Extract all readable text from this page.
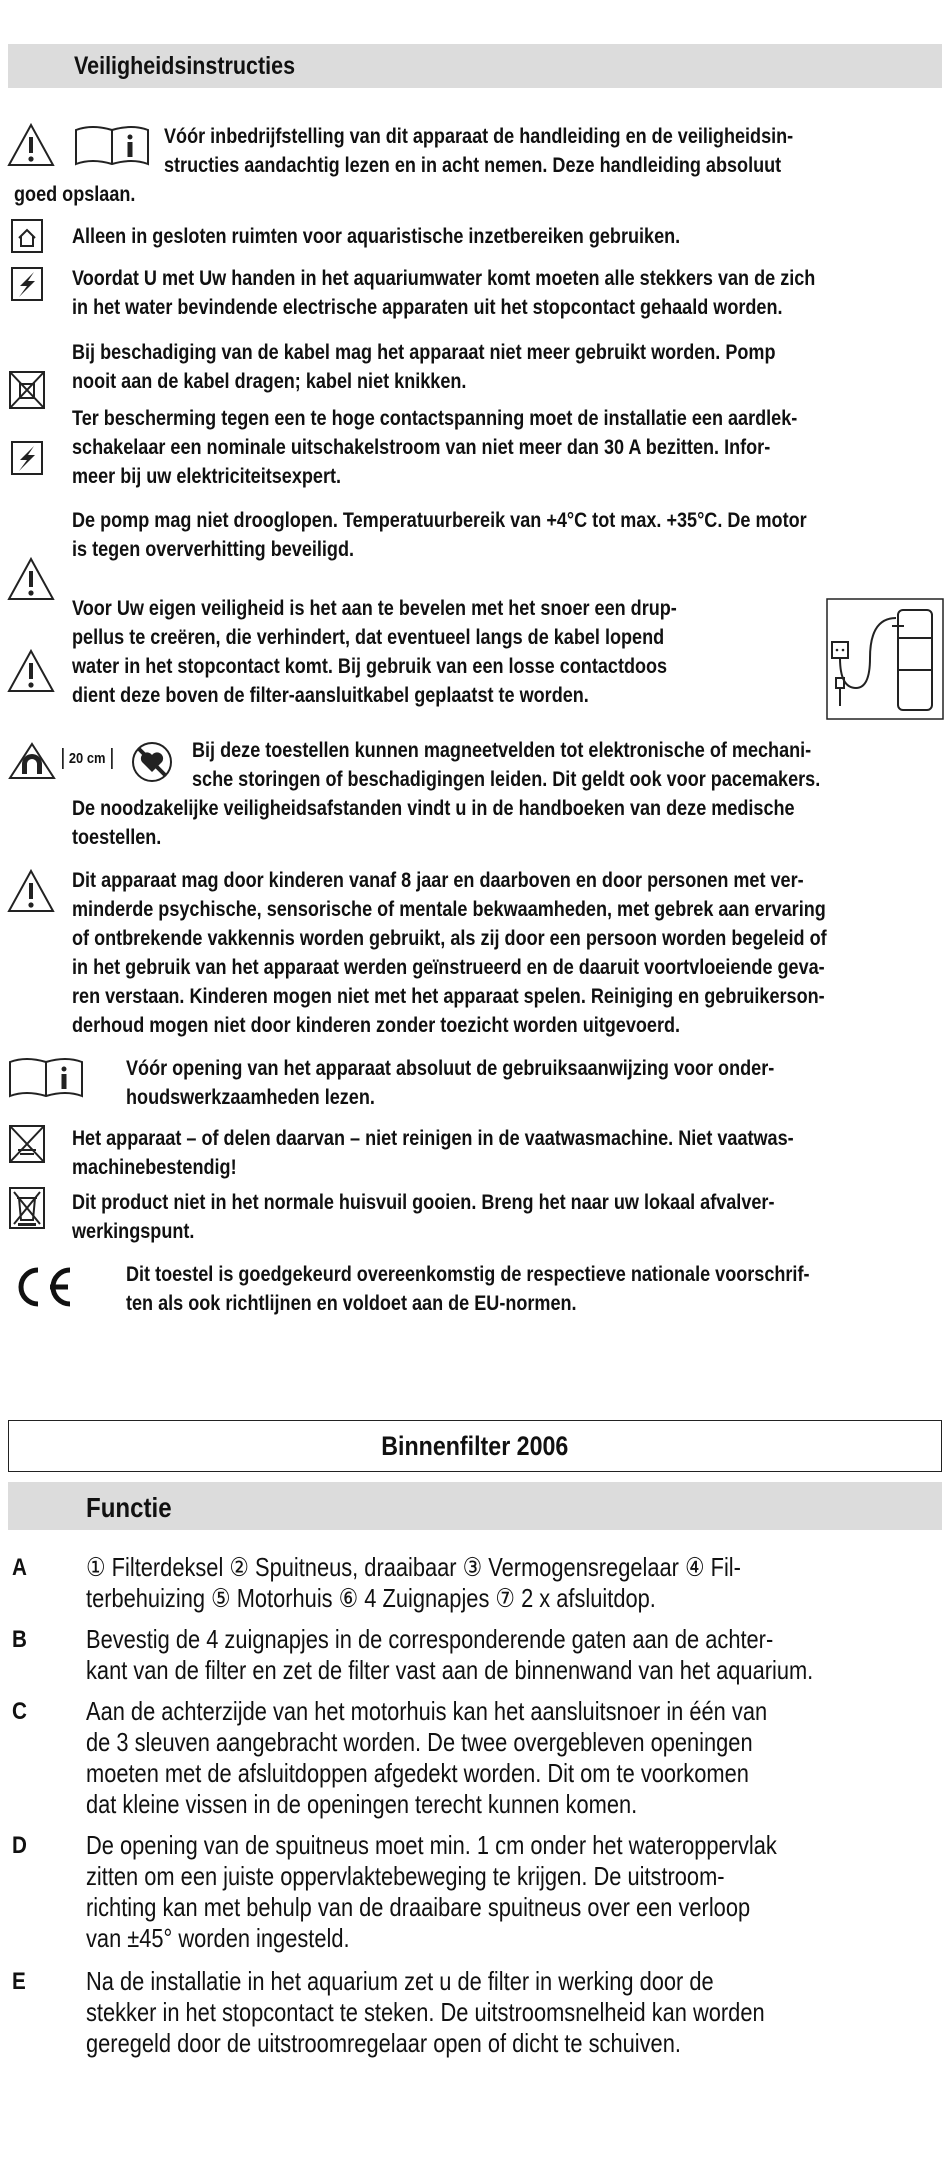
Veiligheidsinstructies
20 cm
Vóór inbedrijfstelling van dit apparaat de handleiding en de veiligheidsin-
structies aandachtig lezen en in acht nemen. Deze handleiding absoluut
goed opslaan.
Alleen in gesloten ruimten voor aquaristische inzetbereiken gebruiken.
Voordat U met Uw handen in het aquariumwater komt moeten alle stekkers van de zich
in het water bevindende electrische apparaten uit het stopcontact gehaald worden.
Bij beschadiging van de kabel mag het apparaat niet meer gebruikt worden. Pomp
nooit aan de kabel dragen; kabel niet knikken.
Ter bescherming tegen een te hoge contactspanning moet de installatie een aardlek-
schakelaar een nominale uitschakelstroom van niet meer dan 30 A bezitten. Infor-
meer bij uw elektriciteitsexpert.
De pomp mag niet drooglopen. Temperatuurbereik van +4°C tot max. +35°C. De motor
is tegen oververhitting beveiligd.
Voor Uw eigen veiligheid is het aan te bevelen met het snoer een drup-
pellus te creëren, die verhindert, dat eventueel langs de kabel lopend
water in het stopcontact komt. Bij gebruik van een losse contactdoos
dient deze boven de filter-aansluitkabel geplaatst te worden.
Bij deze toestellen kunnen magneetvelden tot elektronische of mechani-
sche storingen of beschadigingen leiden. Dit geldt ook voor pacemakers.
De noodzakelijke veiligheidsafstanden vindt u in de handboeken van deze medische
toestellen.
Dit apparaat mag door kinderen vanaf 8 jaar en daarboven en door personen met ver-
minderde psychische, sensorische of mentale bekwaamheden, met gebrek aan ervaring
of ontbrekende vakkennis worden gebruikt, als zij door een persoon worden begeleid of
in het gebruik van het apparaat werden geïnstrueerd en de daaruit voortvloeiende geva-
ren verstaan. Kinderen mogen niet met het apparaat spelen. Reiniging en gebruikerson-
derhoud mogen niet door kinderen zonder toezicht worden uitgevoerd.
Vóór opening van het apparaat absoluut de gebruiksaanwijzing voor onder-
houdswerkzaamheden lezen.
Het apparaat – of delen daarvan – niet reinigen in de vaatwasmachine. Niet vaatwas-
machinebestendig!
Dit product niet in het normale huisvuil gooien. Breng het naar uw lokaal afvalver-
werkingspunt.
Dit toestel is goedgekeurd overeenkomstig de respectieve nationale voorschrif-
ten als ook richtlijnen en voldoet aan de EU-normen.
Binnenfilter 2006
Functie
A ① Filterdeksel ② Spuitneus, draaibaar ③ Vermogensregelaar ④ Fil-
terbehuizing ⑤ Motorhuis ⑥ 4 Zuignapjes ⑦ 2 x afsluitdop.
B Bevestig de 4 zuignapjes in de corresponderende gaten aan de achter-
kant van de filter en zet de filter vast aan de binnenwand van het aquarium.
C Aan de achterzijde van het motorhuis kan het aansluitsnoer in één van
de 3 sleuven aangebracht worden. De twee overgebleven openingen
moeten met de afsluitdoppen afgedekt worden. Dit om te voorkomen
dat kleine vissen in de openingen terecht kunnen komen.
D De opening van de spuitneus moet min. 1 cm onder het wateroppervlak
zitten om een juiste oppervlaktebeweging te krijgen. De uitstroom-
richting kan met behulp van de draaibare spuitneus over een verloop
van ±45° worden ingesteld.
E Na de installatie in het aquarium zet u de filter in werking door de
stekker in het stopcontact te steken. De uitstroomsnelheid kan worden
geregeld door de uitstroomregelaar open of dicht te schuiven.
